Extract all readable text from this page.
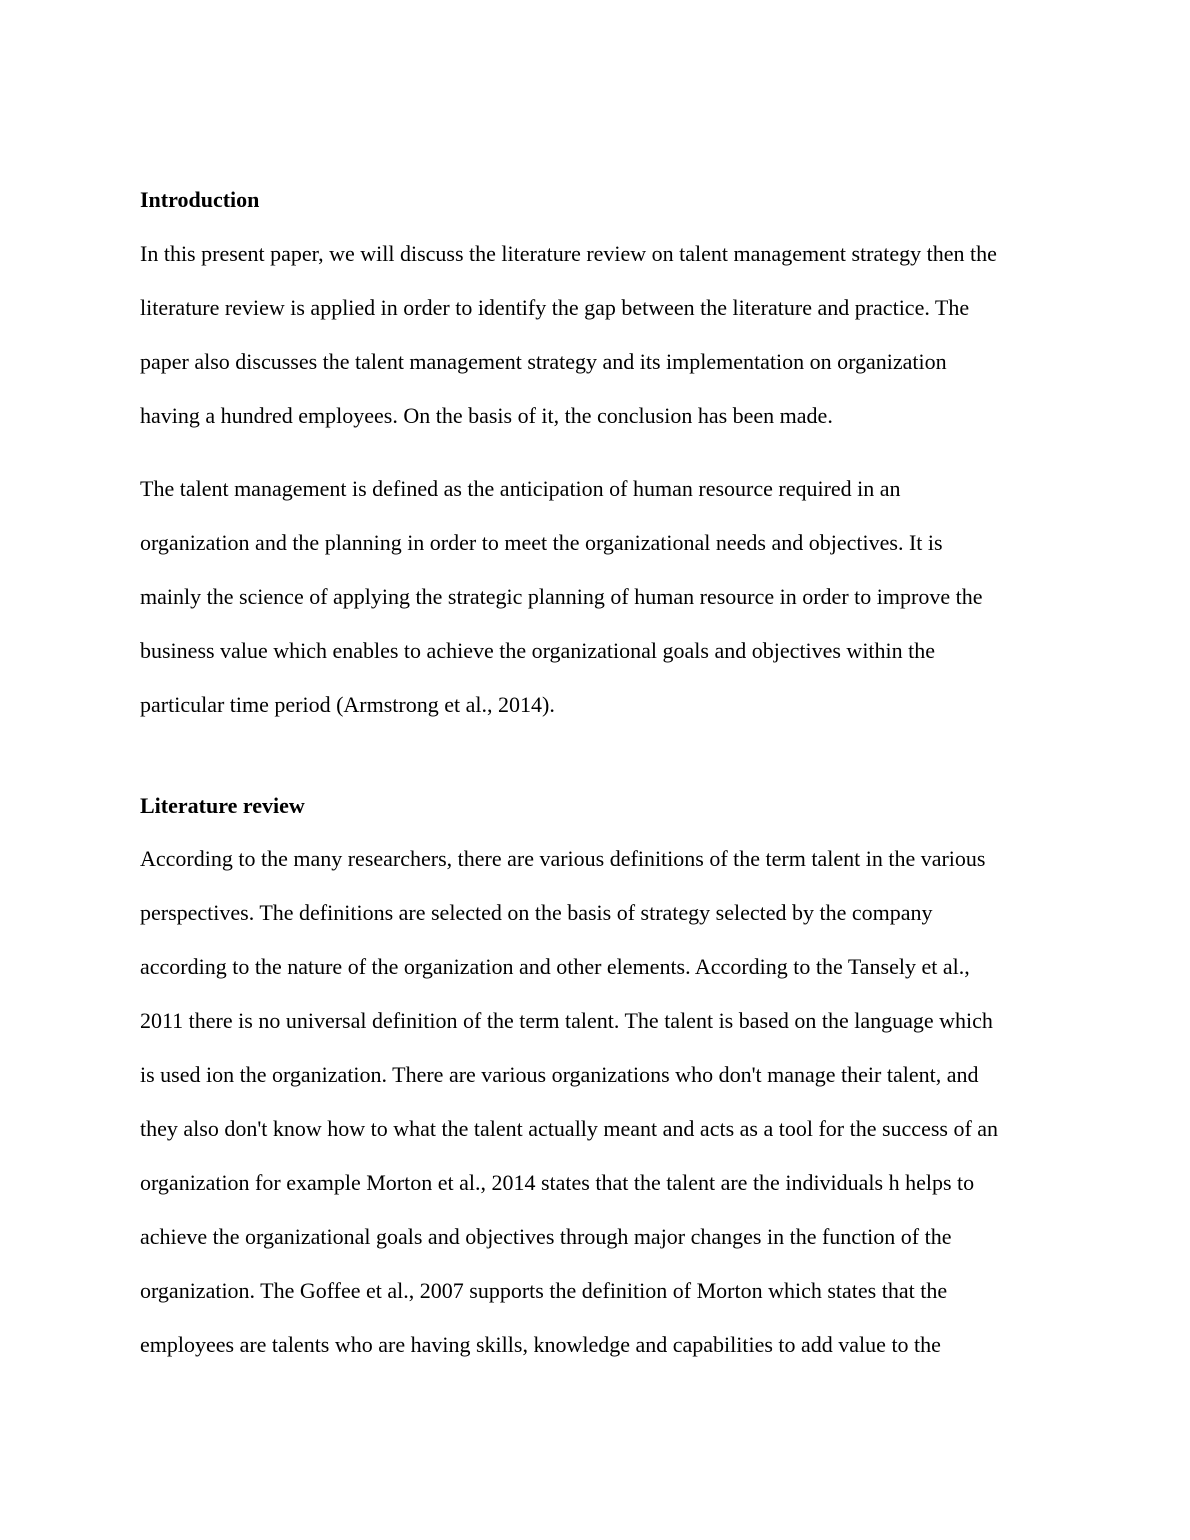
Introduction
In this present paper, we will discuss the literature review on talent management strategy then the
literature review is applied in order to identify the gap between the literature and practice. The
paper also discusses the talent management strategy and its implementation on organization
having a hundred employees. On the basis of it, the conclusion has been made.
The talent management is defined as the anticipation of human resource required in an
organization and the planning in order to meet the organizational needs and objectives. It is
mainly the science of applying the strategic planning of human resource in order to improve the
business value which enables to achieve the organizational goals and objectives within the
particular time period (Armstrong et al., 2014).
Literature review
According to the many researchers, there are various definitions of the term talent in the various
perspectives. The definitions are selected on the basis of strategy selected by the company
according to the nature of the organization and other elements. According to the Tansely et al.,
2011 there is no universal definition of the term talent. The talent is based on the language which
is used ion the organization. There are various organizations who don't manage their talent, and
they also don't know how to what the talent actually meant and acts as a tool for the success of an
organization for example Morton et al., 2014 states that the talent are the individuals h helps to
achieve the organizational goals and objectives through major changes in the function of the
organization. The Goffee et al., 2007 supports the definition of Morton which states that the
employees are talents who are having skills, knowledge and capabilities to add value to the
